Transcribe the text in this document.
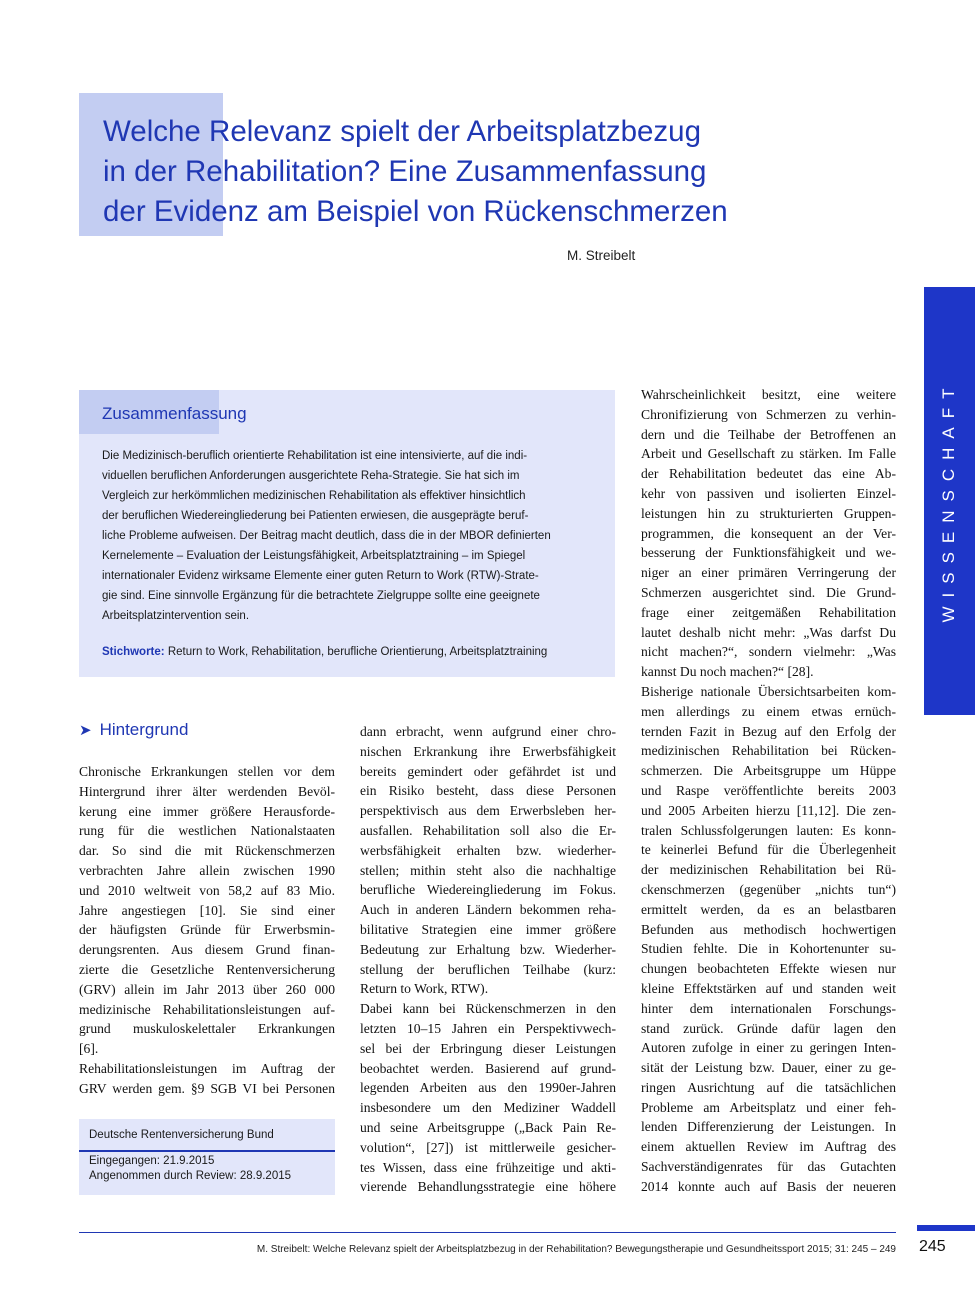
Welche Relevanz spielt der Arbeitsplatzbezug
in der Rehabilitation? Eine Zusammenfassung
der Evidenz am Beispiel von Rückenschmerzen
M. Streibelt
WISSENSCHAFT
Zusammenfassung
Die Medizinisch-beruflich orientierte Rehabilitation ist eine intensivierte, auf die indi-
viduellen beruflichen Anforderungen ausgerichtete Reha-Strategie. Sie hat sich im
Vergleich zur herkömmlichen medizinischen Rehabilitation als effektiver hinsichtlich
der beruflichen Wiedereingliederung bei Patienten erwiesen, die ausgeprägte beruf-
liche Probleme aufweisen. Der Beitrag macht deutlich, dass die in der MBOR definierten
Kernelemente – Evaluation der Leistungsfähigkeit, Arbeitsplatztraining – im Spiegel
internationaler Evidenz wirksame Elemente einer guten Return to Work (RTW)-Strate-
gie sind. Eine sinnvolle Ergänzung für die betrachtete Zielgruppe sollte eine geeignete
Arbeitsplatzintervention sein.
Stichworte: Return to Work, Rehabilitation, berufliche Orientierung, Arbeitsplatztraining
➤ Hintergrund
Chronische Erkrankungen stellen vor dem
Hintergrund ihrer älter werdenden Bevöl-
kerung eine immer größere Herausforde-
rung für die westlichen Nationalstaaten
dar. So sind die mit Rückenschmerzen
verbrachten Jahre allein zwischen 1990
und 2010 weltweit von 58,2 auf 83 Mio.
Jahre angestiegen [10]. Sie sind einer
der häufigsten Gründe für Erwerbsmin-
derungsrenten. Aus diesem Grund finan-
zierte die Gesetzliche Rentenversicherung
(GRV) allein im Jahr 2013 über 260 000
medizinische Rehabilitationsleistungen auf-
grund muskuloskelettaler Erkrankungen
[6].
Rehabilitationsleistungen im Auftrag der
GRV werden gem. §9 SGB VI bei Personen
dann erbracht, wenn aufgrund einer chro-
nischen Erkrankung ihre Erwerbsfähigkeit
bereits gemindert oder gefährdet ist und
ein Risiko besteht, dass diese Personen
perspektivisch aus dem Erwerbsleben her-
ausfallen. Rehabilitation soll also die Er-
werbsfähigkeit erhalten bzw. wiederher-
stellen; mithin steht also die nachhaltige
berufliche Wiedereingliederung im Fokus.
Auch in anderen Ländern bekommen reha-
bilitative Strategien eine immer größere
Bedeutung zur Erhaltung bzw. Wiederher-
stellung der beruflichen Teilhabe (kurz:
Return to Work, RTW).
Dabei kann bei Rückenschmerzen in den
letzten 10–15 Jahren ein Perspektivwech-
sel bei der Erbringung dieser Leistungen
beobachtet werden. Basierend auf grund-
legenden Arbeiten aus den 1990er-Jahren
insbesondere um den Mediziner Waddell
und seine Arbeitsgruppe („Back Pain Re-
volution“, [27]) ist mittlerweile gesicher-
tes Wissen, dass eine frühzeitige und akti-
vierende Behandlungsstrategie eine höhere
Wahrscheinlichkeit besitzt, eine weitere
Chronifizierung von Schmerzen zu verhin-
dern und die Teilhabe der Betroffenen an
Arbeit und Gesellschaft zu stärken. Im Falle
der Rehabilitation bedeutet das eine Ab-
kehr von passiven und isolierten Einzel-
leistungen hin zu strukturierten Gruppen-
programmen, die konsequent an der Ver-
besserung der Funktionsfähigkeit und we-
niger an einer primären Verringerung der
Schmerzen ausgerichtet sind. Die Grund-
frage einer zeitgemäßen Rehabilitation
lautet deshalb nicht mehr: „Was darfst Du
nicht machen?“, sondern vielmehr: „Was
kannst Du noch machen?“ [28].
Bisherige nationale Übersichtsarbeiten kom-
men allerdings zu einem etwas ernüch-
ternden Fazit in Bezug auf den Erfolg der
medizinischen Rehabilitation bei Rücken-
schmerzen. Die Arbeitsgruppe um Hüppe
und Raspe veröffentlichte bereits 2003
und 2005 Arbeiten hierzu [11,12]. Die zen-
tralen Schlussfolgerungen lauten: Es konn-
te keinerlei Befund für die Überlegenheit
der medizinischen Rehabilitation bei Rü-
ckenschmerzen (gegenüber „nichts tun“)
ermittelt werden, da es an belastbaren
Befunden aus methodisch hochwertigen
Studien fehlte. Die in Kohortenunter su-
chungen beobachteten Effekte wiesen nur
kleine Effektstärken auf und standen weit
hinter dem internationalen Forschungs-
stand zurück. Gründe dafür lagen den
Autoren zufolge in einer zu geringen Inten-
sität der Leistung bzw. Dauer, einer zu ge-
ringen Ausrichtung auf die tatsächlichen
Probleme am Arbeitsplatz und einer feh-
lenden Differenzierung der Leistungen. In
einem aktuellen Review im Auftrag des
Sachverständigenrates für das Gutachten
2014 konnte auch auf Basis der neueren
Deutsche Rentenversicherung Bund
Eingegangen: 21.9.2015
Angenommen durch Review: 28.9.2015
M. Streibelt: Welche Relevanz spielt der Arbeitsplatzbezug in der Rehabilitation? Bewegungstherapie und Gesundheitssport 2015; 31: 245 – 249 245
